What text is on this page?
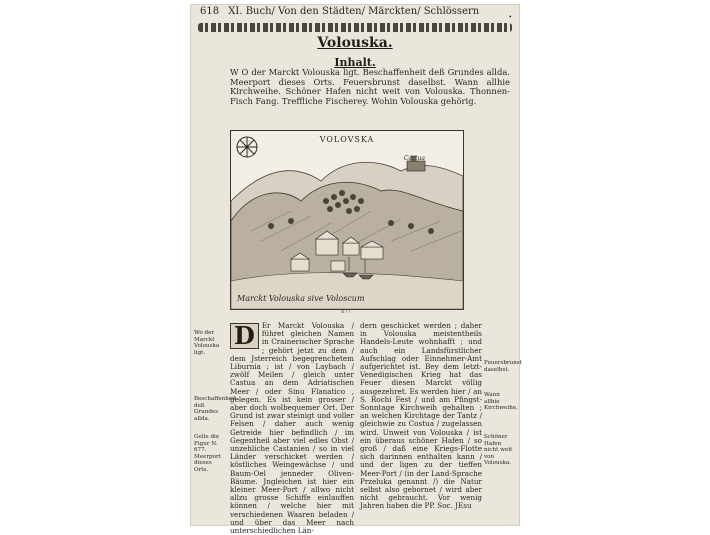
618 XI. Buch/ Von den Städten/ Märckten/ Schlössern
•
Volouska.
Inhalt.
W O der Marckt Volouska ligt. Beschaffenheit deß Grundes allda. Meerport dieses Orts. Feuersbrunst daselbst. Wann allhie Kirchweihe. Schöner Hafen nicht weit von Volouska. Thonnen-Fisch Fang. Treffliche Fischerey. Wohin Volouska gehörig.
VOLOVSKA
Castua
Marckt Volouska sive Voloscum
677
Wo der Marckt Volouska ligt.
Beschaffenheit deß Grundes allda.
Gelle die Figur N. 677. Meerport dieses Orts.
Feuersbrunst daselbst.
Wann allhie Kirchweihe.
Schöner Hafen nicht weit von Volouska.
D Er Marckt Volouska / führet gleichen Namen in Crainerischer Sprache ; gehört jetzt zu dem / dem Jsterreich begegrenchetem Liburnia ; ist / von Laybach / zwölf Meilen / gleich unter Castua an dem Adriatischen Meer / oder Sinu Flanatico , gelegen. Es ist kein grosser / aber doch wolbequemer Ort. Der Grund ist zwar steinigt und voller Felsen / daher auch wenig Getreide hier befindlich / im Gegentheil aber viel edles Obst / unzehliche Castanien / so in viel Länder verschicket werden / köstliches Weingewächse / und Baum-Oel jenneder Oliven-Bäume. Jngleichen ist hier ein kleiner Meer-Port / allwo nicht allzu grosse Schiffe einlauffen können / welche hier mit verschiedenen Waaren beladen / und über das Meer nach unterschiedlichen Län-
dern geschicket werden ; daher in Volouska meistentheils Handels-Leute wohnhafft ; und auch ein Landsfürstlicher Aufschlag oder Einnehmer-Amt aufgerichtet ist. Bey dem letzt-Venedigischen Krieg hat das Feuer diesen Marckt völlig ausgezehret. Es werden hier / an S. Rochi Fest / und am Pfingst-Sonntage Kirchweih gehalten ; an welchen Kirchtage der Tantz / gleichwie zu Costua / zugelassen wird. Unweit von Volouska / ist ein überaus schöner Hafen / so groß / daß eine Kriegs-Flotte sich darinnen enthalten kann / und der ligen zu der tieffen Meer-Port / (in der Land-Sprache Przeluka genannt /) die Natur selbst also gebornet / wird aber nicht gebraucht. Vor wenig Jahren haben die PP. Soc. JEsu
